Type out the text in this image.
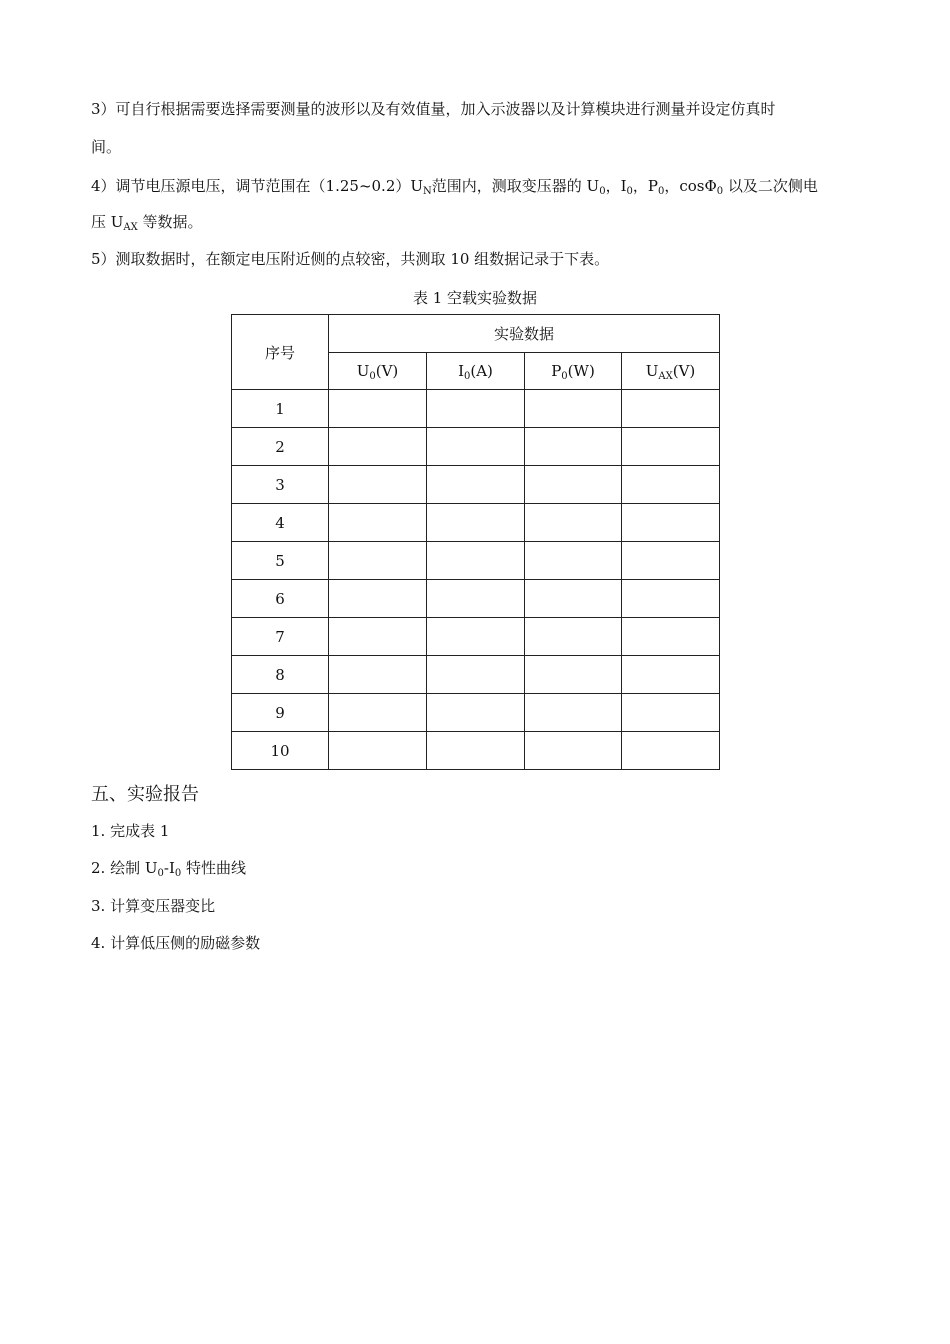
3）可自行根据需要选择需要测量的波形以及有效值量，加入示波器以及计算模块进行测量并设定仿真时
间。
4）调节电压源电压，调节范围在$(1.25\sim 0.2)U_N$范围内，测取变压器的 $U_0$，$I_0$，$P_0$，cosΦ$_0$ 以及二次侧电
压 $U_{AX}$ 等数据。
5）测取数据时，在额定电压附近侧的点较密，共测取 10 组数据记录于下表。
表 1 空载实验数据
序号	实验数据			
	$U_0(V)$	$I_0(A)$	$P_0(W)$	$U_{AX}(V)$
1				
2				
3				
4				
5				
6				
7				
8				
9				
10				
五、实验报告
1. 完成表 1
2. 绘制 $U_0-I_0$ 特性曲线
3. 计算变压器变比
4. 计算低压侧的励磁参数
